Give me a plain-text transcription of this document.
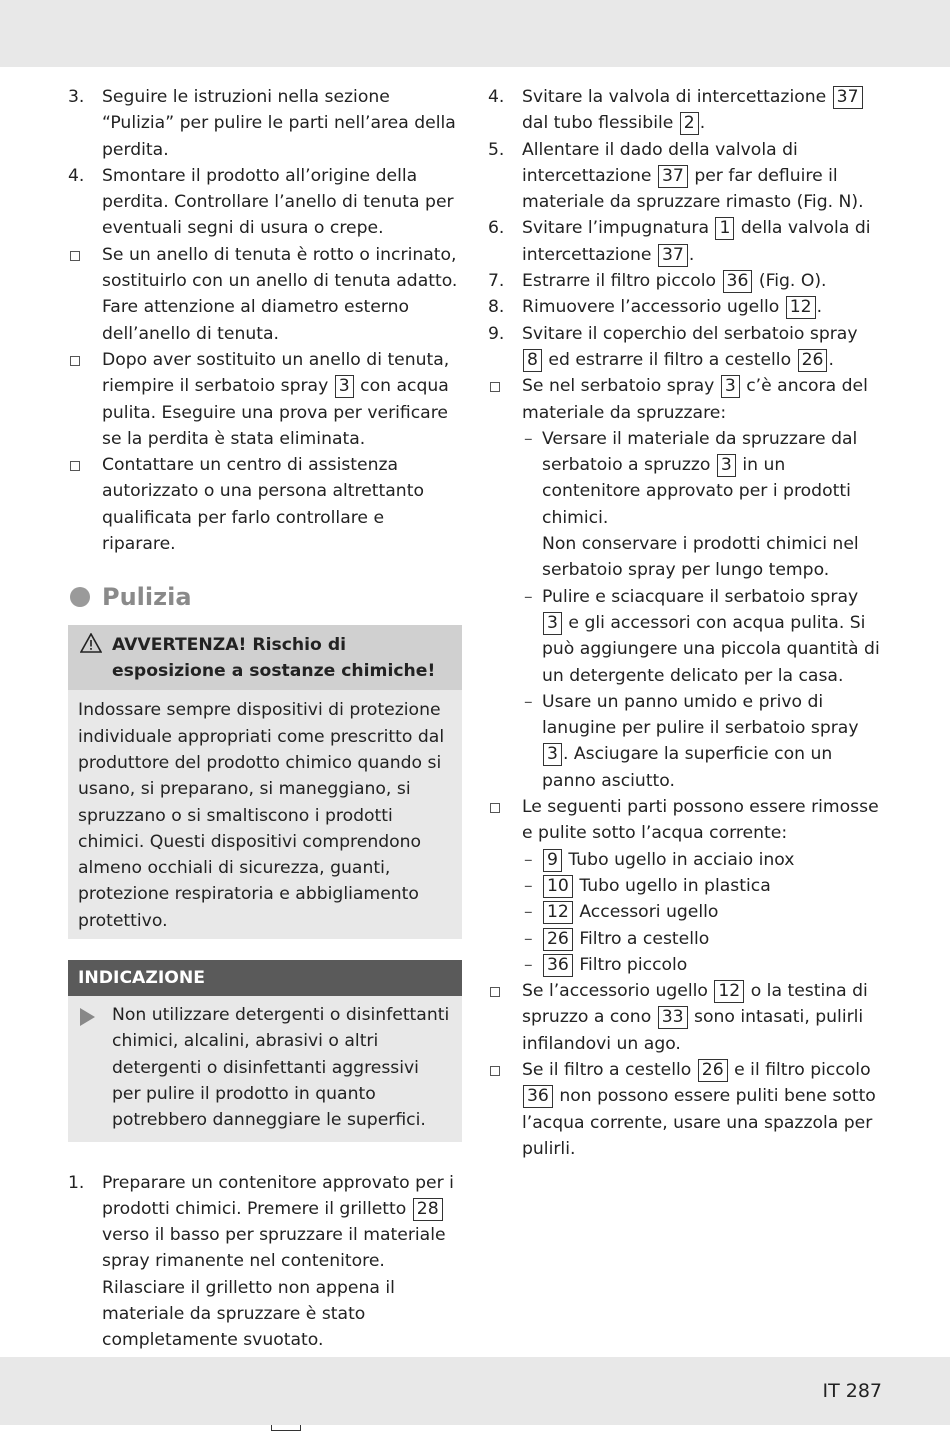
3.	Seguire le istruzioni nella sezione “Pulizia” per pulire le parti nell’area della perdita.

4.	Smontare il prodotto all’origine della perdita. Controllare l’anello di tenuta per eventuali segni di usura o crepe.

Se un anello di tenuta è rotto o incrinato, sostituirlo con un anello di tenuta adatto. Fare attenzione al diametro esterno dell’anello di tenuta.

Dopo aver sostituito un anello di tenuta, riempire il serbatoio spray 3 con acqua pulita. Eseguire una prova per verificare se la perdita è stata eliminata.

Contattare un centro di assistenza autorizzato o una persona altrettanto qualificata per farlo controllare e riparare.

Pulizia
AVVERTENZA! Rischio di esposizione a sostanze chimiche!
Indossare sempre dispositivi di protezione individuale appropriati come prescritto dal produttore del prodotto chimico quando si usano, si preparano, si maneggiano, si spruzzano o si smaltiscono i prodotti chimici. Questi dispositivi comprendono almeno occhiali di sicurezza, guanti, protezione respiratoria e abbigliamento protettivo.
INDICAZIONE
Non utilizzare detergenti o disinfettanti chimici, alcalini, abrasivi o altri detergenti o disinfettanti aggressivi per pulire il prodotto in quanto potrebbero danneggiare le superfici.

1.	Preparare un contenitore approvato per i prodotti chimici. Premere il grilletto 28 verso il basso per spruzzare il materiale spray rimanente nel contenitore. Rilasciare il grilletto non appena il materiale da spruzzare è stato completamente svuotato.

4.	Svitare la valvola di intercettazione 37 dal tubo flessibile 2 .

5.	Allentare il dado della valvola di intercettazione 37 per far defluire il materiale da spruzzare rimasto (Fig. N).

6.	Svitare l’impugnatura 1 della valvola di intercettazione 37 .

7.	Estrarre il filtro piccolo 36 (Fig. O).

8.	Rimuovere l’accessorio ugello 12 .

9.	Svitare il coperchio del serbatoio spray 8 ed estrarre il filtro a cestello 26 .

Se nel serbatoio spray 3 c’è ancora del materiale da spruzzare:

– Versare il materiale da spruzzare dal serbatoio a spruzzo 3 in un contenitore approvato per i prodotti chimici.
Non conservare i prodotti chimici nel serbatoio spray per lungo tempo.

– Pulire e sciacquare il serbatoio spray 3 e gli accessori con acqua pulita. Si può aggiungere una piccola quantità di un detergente delicato per la casa.

– Usare un panno umido e privo di lanugine per pulire il serbatoio spray 3 . Asciugare la superficie con un panno asciutto.

Le seguenti parti possono essere rimosse e pulite sotto l’acqua corrente:

– 9 Tubo ugello in acciaio inox

– 10 Tubo ugello in plastica

– 12 Accessori ugello

– 26 Filtro a cestello

– 36 Filtro piccolo

Se l’accessorio ugello 12 o la testina di spruzzo a cono 33 sono intasati, pulirli infilandovi un ago.

Se il filtro a cestello 26 e il filtro piccolo 36 non possono essere puliti bene sotto l’acqua corrente, usare una spazzola per pulirli.

IT 287
